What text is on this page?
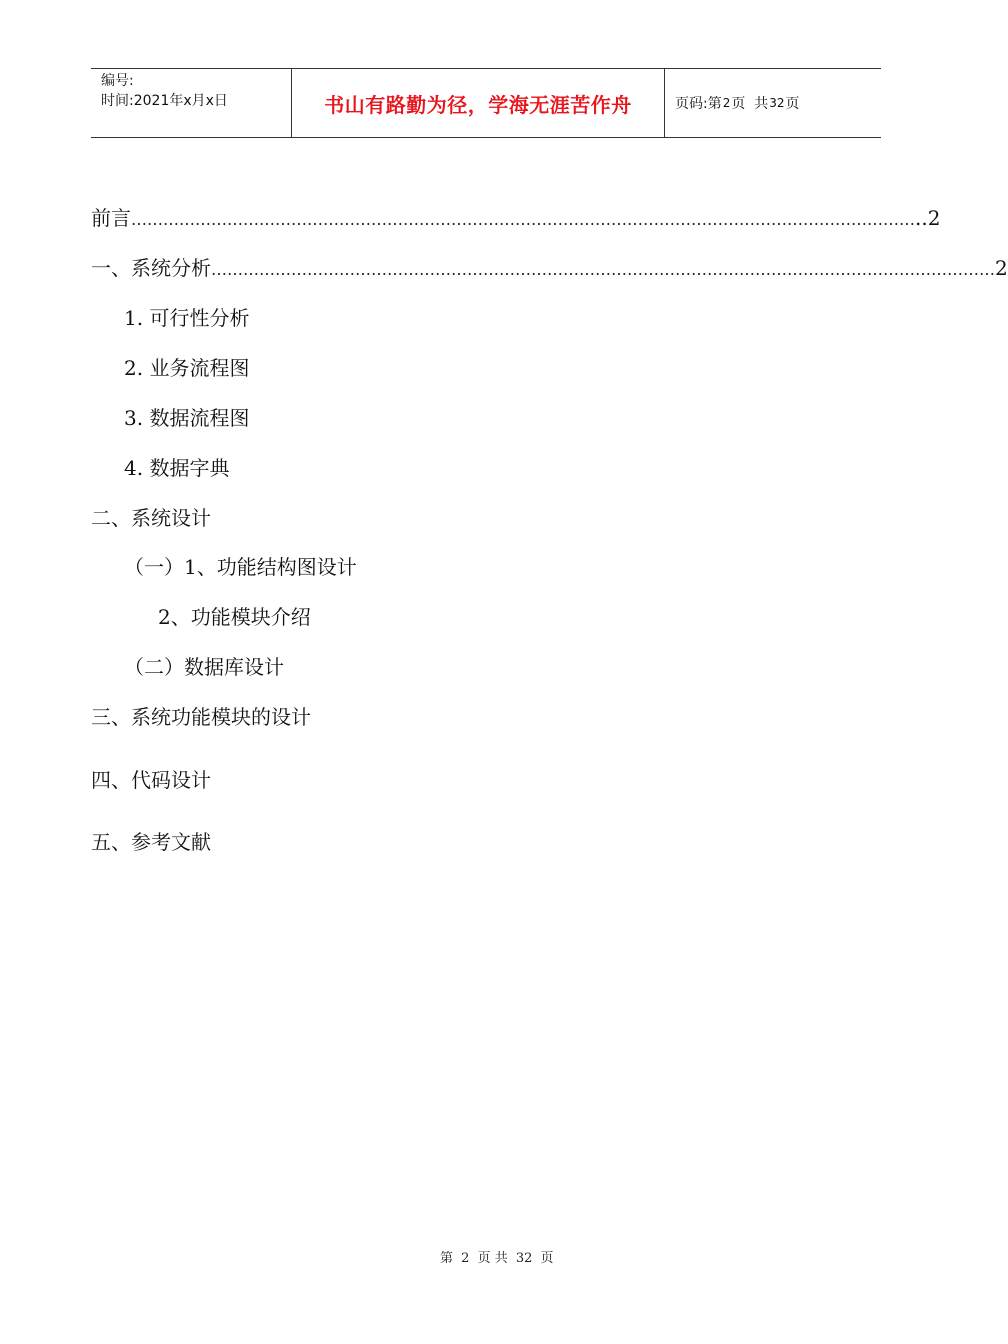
编号:
时间:2021年x月x日	书山有路勤为径，学海无涯苦作舟	页码: 第 2 页  共 32 页
前言 ………………………………………………………………………………………………………………………………… ..2
一、系统分析 ………………………………………………………………………………………………………………………………… 2
1. 可行性分析
2. 业务流程图
3. 数据流程图
4. 数据字典
二、系统设计
（一）1、功能结构图设计
2、功能模块介绍
（二）数据库设计
三、系统功能模块的设计
四、代码设计
五、参考文献
第 2 页 共 32 页
